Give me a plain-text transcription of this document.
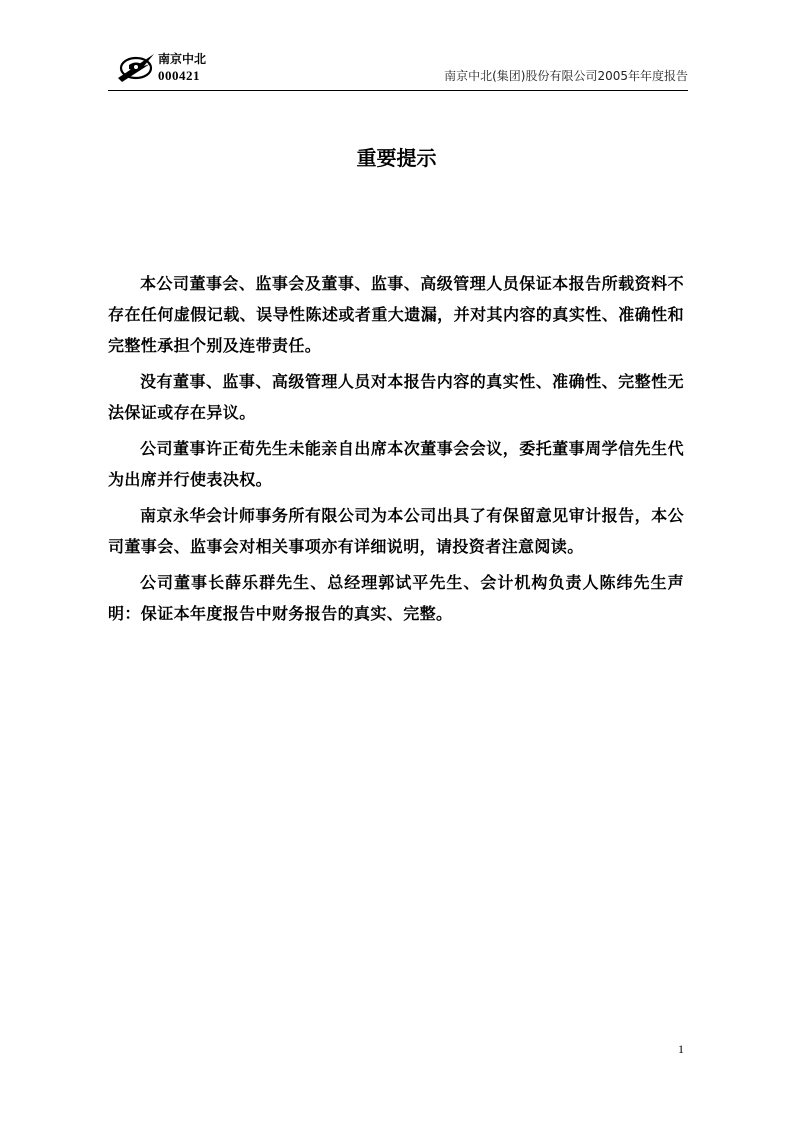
南京中北
000421	南京中北(集团)股份有限公司2005年年度报告
重要提示

本公司董事会、监事会及董事、监事、高级管理人员保证本报告所载资料不存在任何虚假记载、误导性陈述或者重大遗漏，并对其内容的真实性、准确性和完整性承担个别及连带责任。

没有董事、监事、高级管理人员对本报告内容的真实性、准确性、完整性无法保证或存在异议。

公司董事许正荀先生未能亲自出席本次董事会会议，委托董事周学信先生代为出席并行使表决权。

南京永华会计师事务所有限公司为本公司出具了有保留意见审计报告，本公司董事会、监事会对相关事项亦有详细说明，请投资者注意阅读。

公司董事长薛乐群先生、总经理郭试平先生、会计机构负责人陈纬先生声明：保证本年度报告中财务报告的真实、完整。

1
